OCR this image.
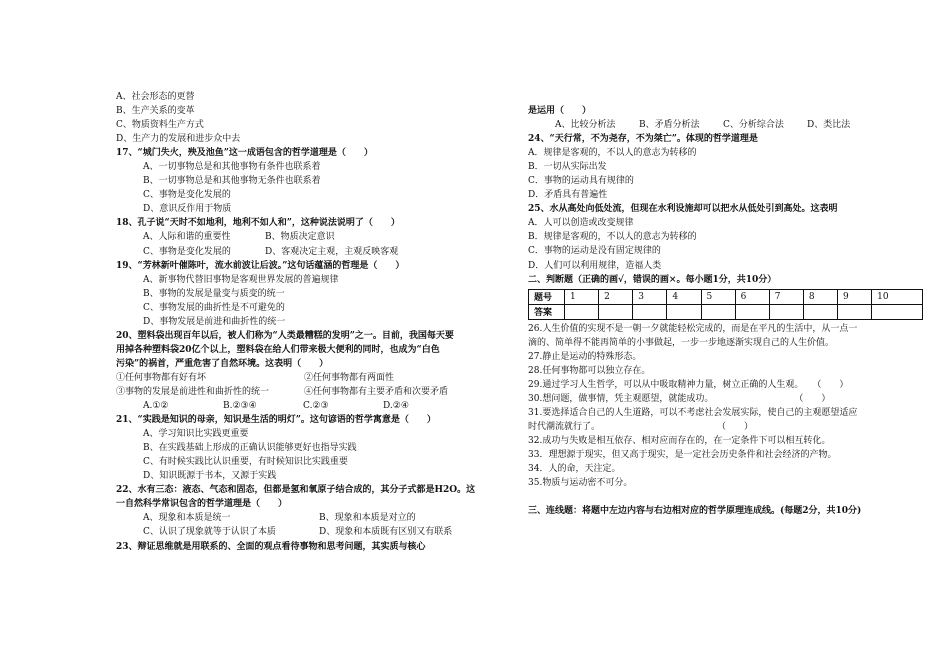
A、社会形态的更替
B、生产关系的变革
C、物质资料生产方式
D、生产力的发展和进步众中去
17、“城门失火，殃及池鱼”这一成语包含的哲学道理是（　　）
A、一切事物总是和其他事物有条件也联系着
B、一切事物总是和其他事物无条件也联系着
C、事物是变化发展的
D、意识反作用于物质
18、孔子说“天时不如地利，地利不如人和”，这种说法说明了（　　）
A、人际和谐的重要性	B、物质决定意识
C、事物是变化发展的	D、客观决定主观，主观反映客观
19、“芳林新叶催陈叶，流水前波让后波。”这句话蕴涵的哲理是（　　）
A、新事物代替旧事物是客观世界发展的普遍规律
B、事物的发展是量变与质变的统一
C、事物发展的曲折性是不可避免的
D、事物发展是前进和曲折性的统一
20、塑料袋出现百年以后，被人们称为“人类最糟糕的发明”之一。目前，我国每天要
用掉各种塑料袋20亿个以上，塑料袋在给人们带来极大便利的同时，也成为“白色
污染”的祸首，严重危害了自然环境。这表明（　　）
①任何事物都有好有坏	②任何事物都有两面性
③事物的发展是前进性和曲折性的统一	④任何事物都有主要矛盾和次要矛盾
A.①②	B.②③④	C.②③	D.②④
21、“实践是知识的母亲，知识是生活的明灯”。这句谚语的哲学寓意是（　　）
A、学习知识比实践更重要
B、在实践基础上形成的正确认识能够更好也指导实践
C、有时候实践比认识重要，有时候知识比实践重要
D、知识既源于书本，又源于实践
22、水有三态：液态、气态和固态，但都是氢和氧原子结合成的，其分子式都是H2O。这
一自然科学常识包含的哲学道理是（　　）
A、现象和本质是统一	B、现象和本质是对立的
C、认识了现象就等于认识了本质	D、现象和本质既有区别又有联系
23、辩证思维就是用联系的、全面的观点看待事物和思考问题，其实质与核心
是运用（　　）
A、比较分析法	B、矛盾分析法	C、分析综合法	D、类比法
24、“天行常，不为尧存，不为桀亡”。体现的哲学道理是
A．规律是客观的，不以人的意志为转移的
B．一切从实际出发
C．事物的运动具有规律的
D．矛盾具有普遍性
25、水从高处向低处流，但现在水利设施却可以把水从低处引到高处。这表明
A．人可以创造或改变规律
B．规律是客观的，不以人的意志为转移的
C．事物的运动是没有固定规律的
D．人们可以利用规律，造福人类
二、判断题（正确的画√，错误的画×。每小题1分，共10分）
题号	1	2	3	4	5	6	7	8	9	10
答案										
26.人生价值的实现不是一朝一夕就能轻松完成的，而是在平凡的生活中，从一点一
滴的、简单得不能再简单的小事做起，一步一步地逐渐实现自己的人生价值。
27.静止是运动的特殊形态。
28.任何事物都可以独立存在。
29.通过学习人生哲学，可以从中吸取精神力量，树立正确的人生观。　　（　　）
30.想问题，做事情，凭主观愿望，就能成功。　　　　　　　　　　（　　）
31.要选择适合自己的人生道路，可以不考虑社会发展实际，使自己的主观愿望适应
时代潮流就行了。　　　　　　　　　　　　　　（　　）
32.成功与失败是相互依存、相对应而存在的，在一定条件下可以相互转化。
33．理想源于现实，但又高于现实，是一定社会历史条件和社会经济的产物。
34．人的命，天注定。
35.物质与运动密不可分。
三、连线题：将题中左边内容与右边相对应的哲学原理连成线。(每题2分，共10分)
